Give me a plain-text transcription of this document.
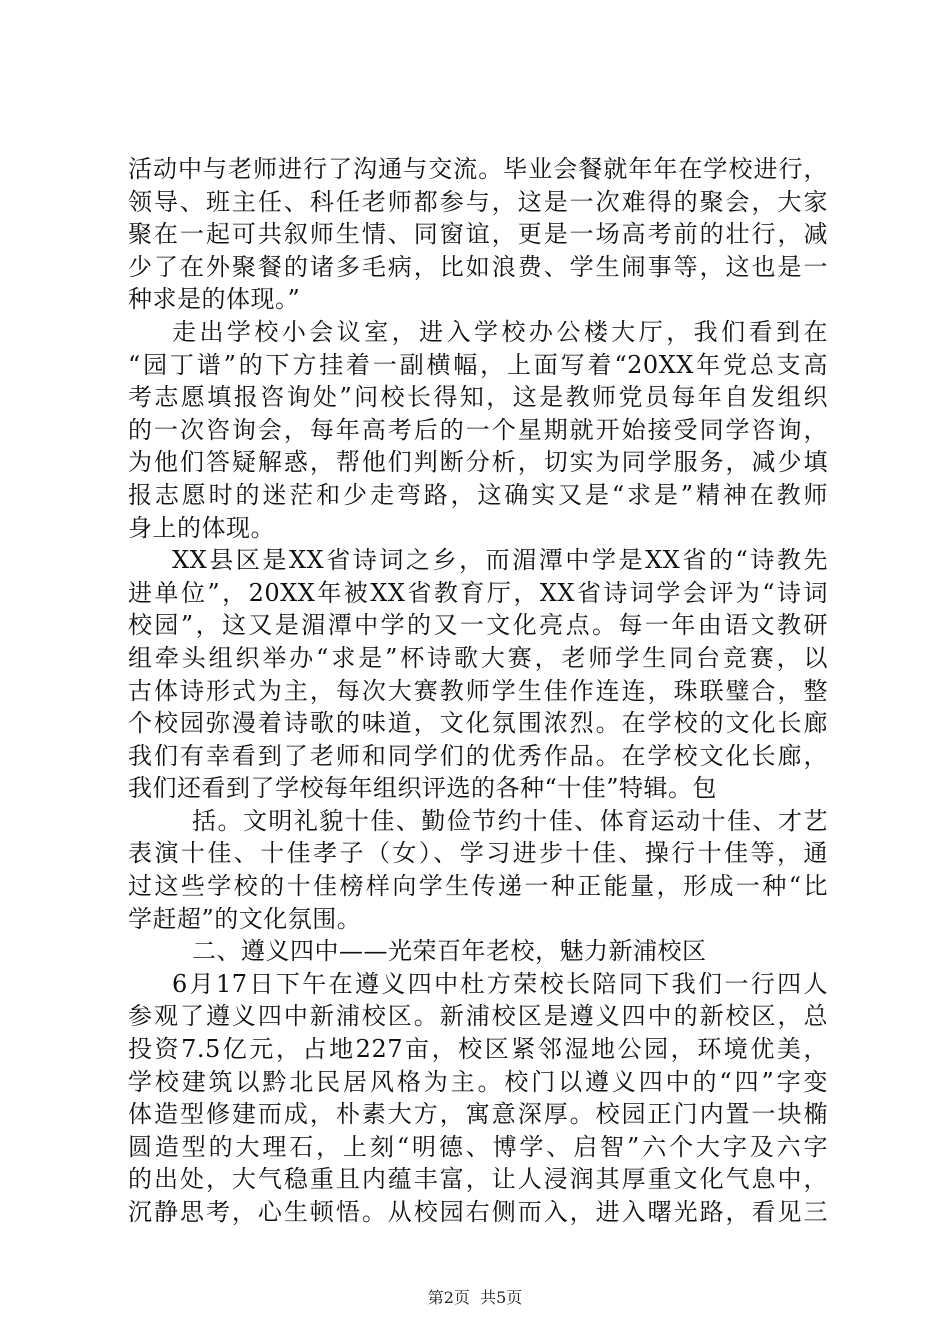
活动中与老师进行了沟通与交流。毕业会餐就年年在学校进行，
领导、班主任、科任老师都参与，这是一次难得的聚会，大家
聚在一起可共叙师生情、同窗谊，更是一场高考前的壮行，减
少了在外聚餐的诸多毛病，比如浪费、学生闹事等，这也是一
种求是的体现。”
走出学校小会议室，进入学校办公楼大厅，我们看到在
“园丁谱”的下方挂着一副横幅，上面写着“20XX年党总支高
考志愿填报咨询处”问校长得知，这是教师党员每年自发组织
的一次咨询会，每年高考后的一个星期就开始接受同学咨询，
为他们答疑解惑，帮他们判断分析，切实为同学服务，减少填
报志愿时的迷茫和少走弯路，这确实又是“求是”精神在教师
身上的体现。
XX县区是XX省诗词之乡，而湄潭中学是XX省的“诗教先
进单位”，20XX年被XX省教育厅，XX省诗词学会评为“诗词
校园”，这又是湄潭中学的又一文化亮点。每一年由语文教研
组牵头组织举办“求是”杯诗歌大赛，老师学生同台竞赛，以
古体诗形式为主，每次大赛教师学生佳作连连，珠联璧合，整
个校园弥漫着诗歌的味道，文化氛围浓烈。在学校的文化长廊
我们有幸看到了老师和同学们的优秀作品。在学校文化长廊，
我们还看到了学校每年组织评选的各种“十佳”特辑。包
括。文明礼貌十佳、勤俭节约十佳、体育运动十佳、才艺
表演十佳、十佳孝子（女）、学习进步十佳、操行十佳等，通
过这些学校的十佳榜样向学生传递一种正能量，形成一种“比
学赶超”的文化氛围。
二、遵义四中——光荣百年老校，魅力新浦校区
6月17日下午在遵义四中杜方荣校长陪同下我们一行四人
参观了遵义四中新浦校区。新浦校区是遵义四中的新校区，总
投资7.5亿元，占地227亩，校区紧邻湿地公园，环境优美，
学校建筑以黔北民居风格为主。校门以遵义四中的“四”字变
体造型修建而成，朴素大方，寓意深厚。校园正门内置一块椭
圆造型的大理石，上刻“明德、博学、启智”六个大字及六字
的出处，大气稳重且内蕴丰富，让人浸润其厚重文化气息中，
沉静思考，心生顿悟。从校园右侧而入，进入曙光路，看见三
第2页  共5页
